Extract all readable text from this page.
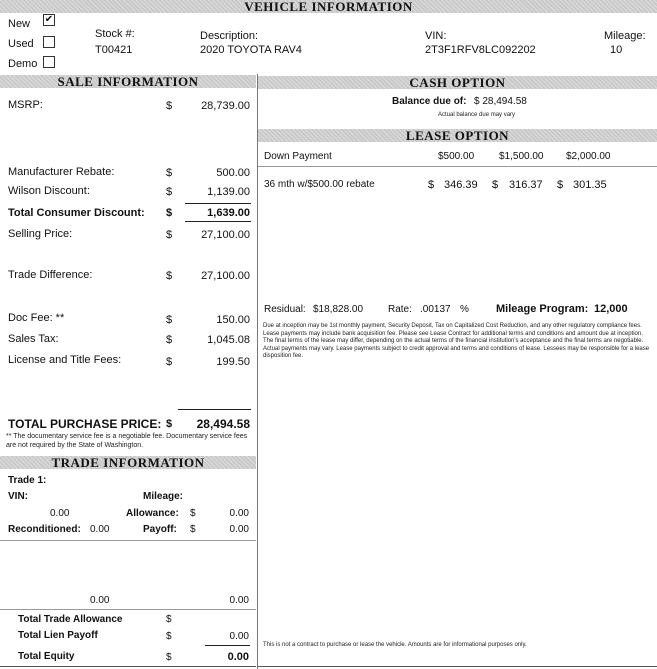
VEHICLE INFORMATION
New ✔
Used
Demo
Stock #:
T00421
Description:
2020 TOYOTA RAV4
VIN:
2T3F1RFV8LC092202
Mileage:
10
SALE INFORMATION
MSRP:	$	28,739.00
Manufacturer Rebate:	$	500.00
Wilson Discount:	$	1,139.00
Total Consumer Discount: $	1,639.00
Selling Price:	$	27,100.00
Trade Difference:	$	27,100.00
Doc Fee: **	$	150.00
Sales Tax:	$	1,045.08
License and Title Fees:	$	199.50
TOTAL PURCHASE PRICE: $	28,494.58
** The documentary service fee is a negotiable fee. Documentary service fees are not required by the State of Washington.
TRADE INFORMATION
Trade 1:
VIN:	Mileage:
0.00	Allowance: $	0.00
Reconditioned: 0.00	Payoff: $	0.00
0.00	0.00
Total Trade Allowance	$
Total Lien Payoff	$	0.00
Total Equity	$	0.00
CASH OPTION
Balance due of: $ 28,494.58
Actual balance due may vary
LEASE OPTION
Down Payment	$500.00 $1,500.00 $2,000.00
36 mth w/$500.00 rebate	$ 346.39 $ 316.37 $ 301.35
Residual: $18,828.00 Rate: .00137 % Mileage Program: 12,000
Due at inception may be 1st monthly payment, Security Deposit, Tax on Capitalized Cost Reduction, and any other regulatory compliance fees. Lease payments may include bank acquisition fee. Please see Lease Contract for additional terms and conditions and amount due at inception. The final terms of the lease may differ, depending on the actual terms of the financial institution's acceptance and the final terms are negotiable. Actual payments may vary. Lease payments subject to credit approval and terms and conditions of lease. Lessees may be responsible for a lease disposition fee.
This is not a contract to purchase or lease the vehicle. Amounts are for informational purposes only.
